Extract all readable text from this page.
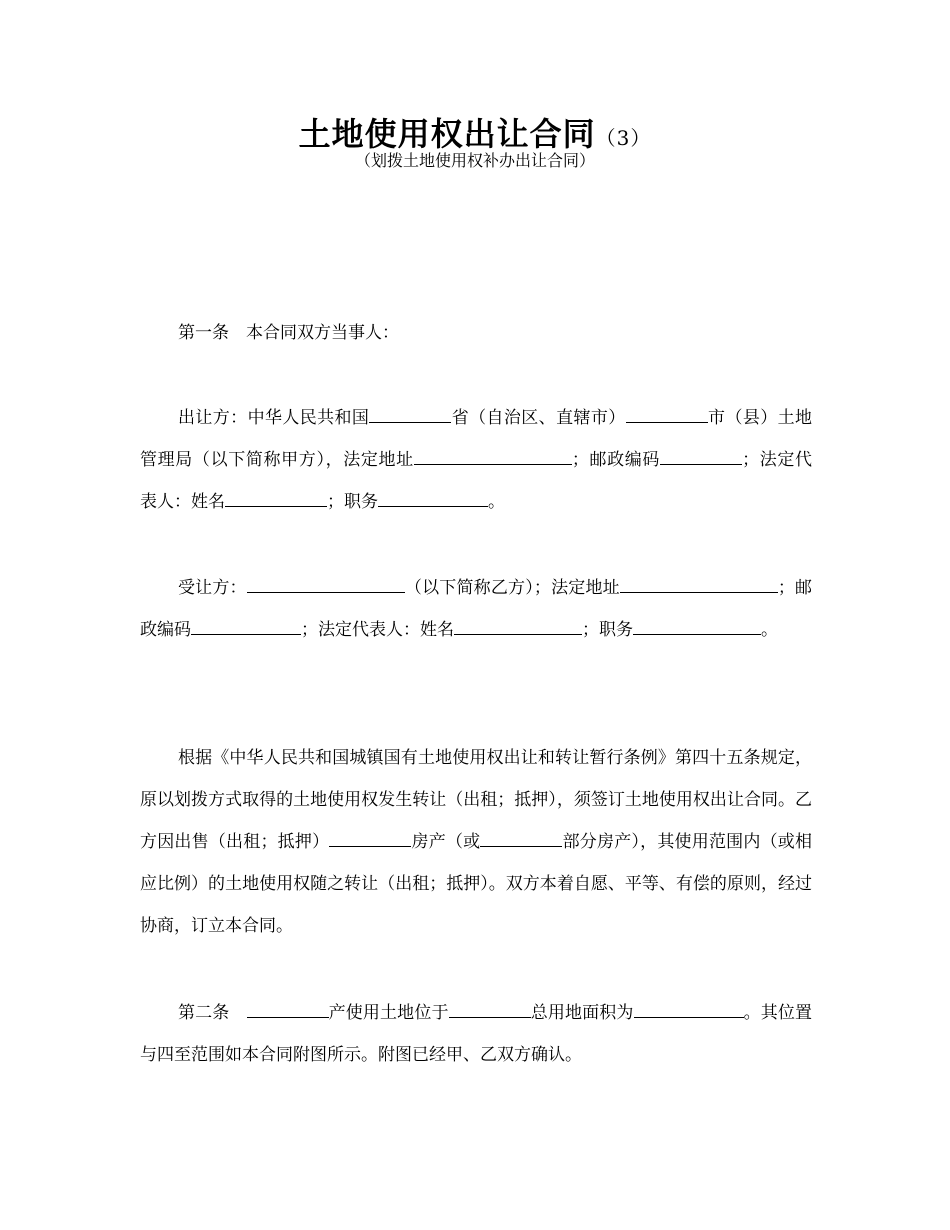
土地使用权出让合同（3）
（划拨土地使用权补办出让合同）

第一条　本合同双方当事人：

出让方：中华人民共和国	省（自治区、直辖市）	市（县）土地管理局（以下简称甲方），法定地址	；邮政编码	；法定代表人：姓名	；职务	。

受让方：	（以下简称乙方）；法定地址	；邮政编码	；法定代表人：姓名	；职务	。

根据《中华人民共和国城镇国有土地使用权出让和转让暂行条例》第四十五条规定，原以划拨方式取得的土地使用权发生转让（出租；抵押），须签订土地使用权出让合同。乙方因出售（出租；抵押）	房产（或	部分房产），其使用范围内（或相应比例）的土地使用权随之转让（出租；抵押）。双方本着自愿、平等、有偿的原则，经过协商，订立本合同。

第二条　	产使用土地位于	总用地面积为	。其位置与四至范围如本合同附图所示。附图已经甲、乙双方确认。
